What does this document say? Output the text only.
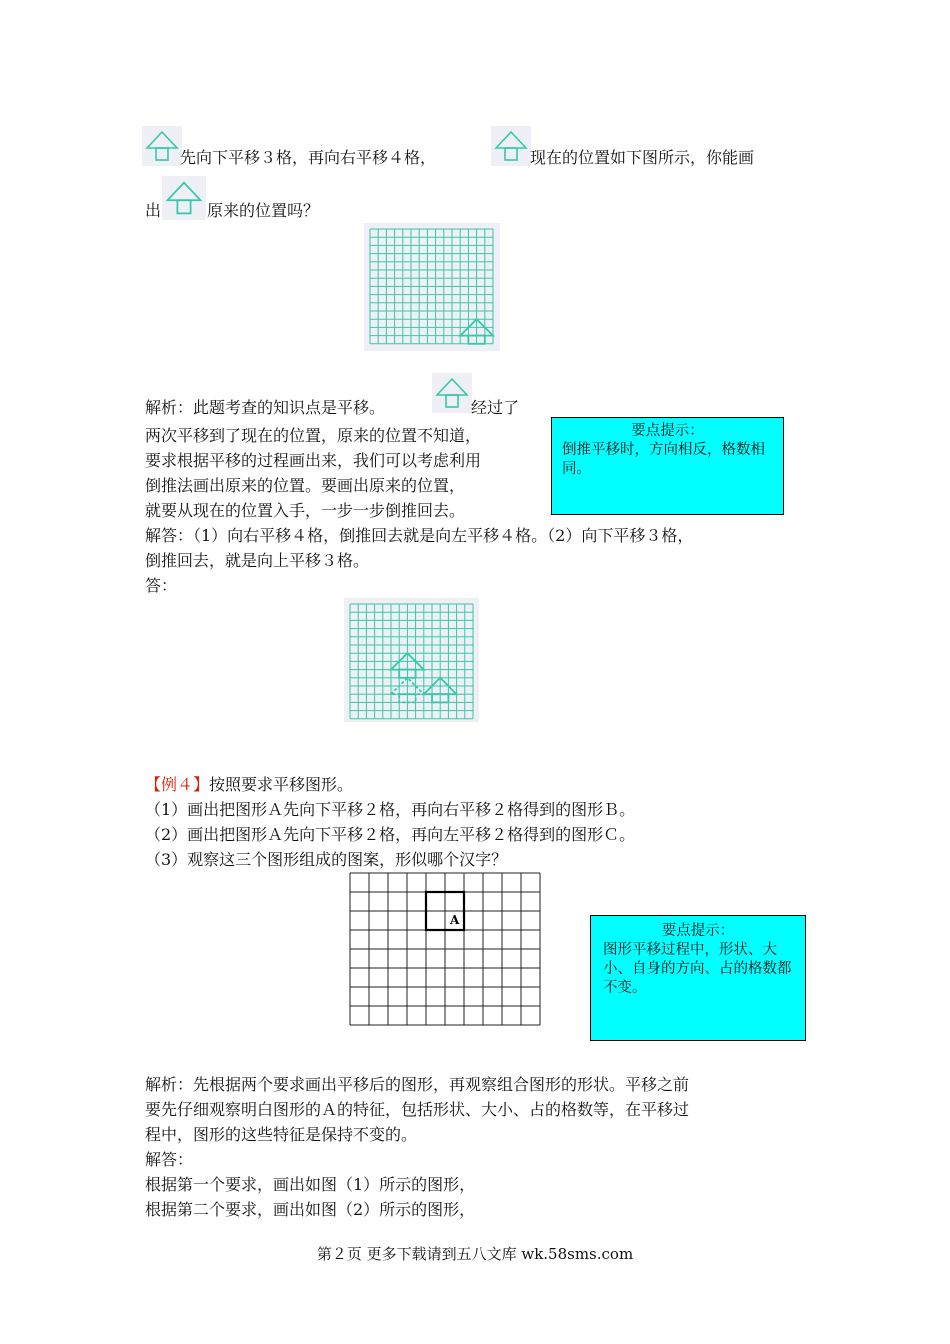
先向下平移３格，再向右平移４格，	现在的位置如下图所示，你能画
出	原来的位置吗？
解析：此题考查的知识点是平移。	经过了
两次平移到了现在的位置，原来的位置不知道，
要求根据平移的过程画出来，我们可以考虑利用
倒推法画出原来的位置。要画出原来的位置，
就要从现在的位置入手，一步一步倒推回去。
解答：（1）向右平移４格，倒推回去就是向左平移４格。（2）向下平移３格，
倒推回去，就是向上平移３格。
答：
要点提示：
倒推平移时，方向相反，格数相同。
【例４】按照要求平移图形。
（1）画出把图形Ａ先向下平移２格，再向右平移２格得到的图形Ｂ。
（2）画出把图形Ａ先向下平移２格，再向左平移２格得到的图形Ｃ。
（3）观察这三个图形组成的图案，形似哪个汉字？
A
要点提示：
图形平移过程中，形状、大小、自身的方向、占的格数都不变。
解析：先根据两个要求画出平移后的图形，再观察组合图形的形状。平移之前
要先仔细观察明白图形的Ａ的特征，包括形状、大小、占的格数等，在平移过
程中，图形的这些特征是保持不变的。
解答：
根据第一个要求，画出如图（1）所示的图形，
根据第二个要求，画出如图（2）所示的图形，
第２页 更多下载请到五八文库 wk.58sms.com
